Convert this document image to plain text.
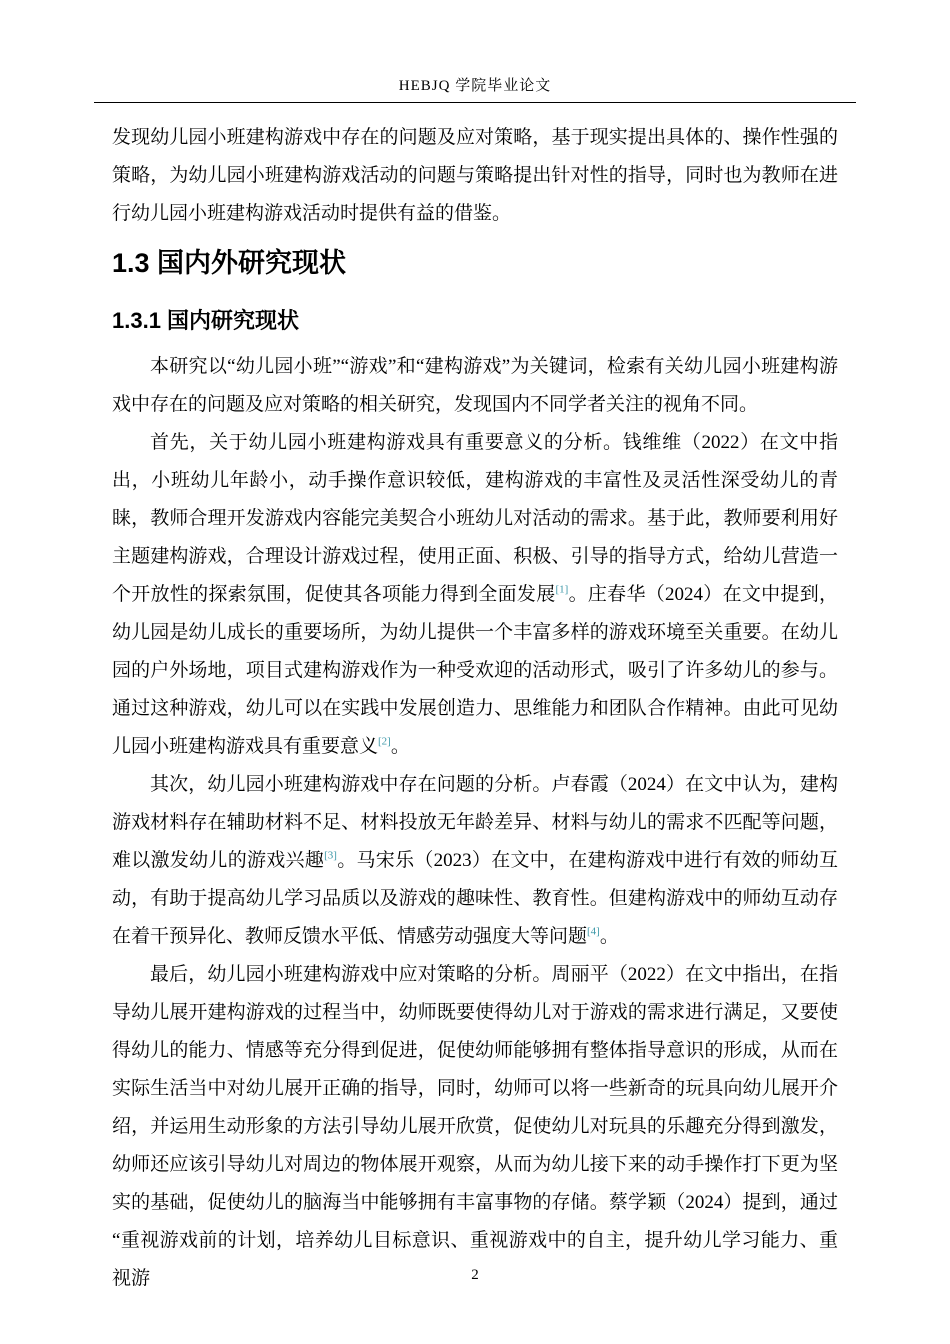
HEBJQ 学院毕业论文

发现幼儿园小班建构游戏中存在的问题及应对策略，基于现实提出具体的、操作性强的策略，为幼儿园小班建构游戏活动的问题与策略提出针对性的指导，同时也为教师在进行幼儿园小班建构游戏活动时提供有益的借鉴。

1.3 国内外研究现状
1.3.1 国内研究现状

本研究以“幼儿园小班”“游戏”和“建构游戏”为关键词，检索有关幼儿园小班建构游戏中存在的问题及应对策略的相关研究，发现国内不同学者关注的视角不同。

首先，关于幼儿园小班建构游戏具有重要意义的分析。钱维维（2022）在文中指出，小班幼儿年龄小，动手操作意识较低，建构游戏的丰富性及灵活性深受幼儿的青睐，教师合理开发游戏内容能完美契合小班幼儿对活动的需求。基于此，教师要利用好主题建构游戏，合理设计游戏过程，使用正面、积极、引导的指导方式，给幼儿营造一个开放性的探索氛围，促使其各项能力得到全面发展[1]。庄春华（2024）在文中提到，幼儿园是幼儿成长的重要场所，为幼儿提供一个丰富多样的游戏环境至关重要。在幼儿园的户外场地，项目式建构游戏作为一种受欢迎的活动形式，吸引了许多幼儿的参与。通过这种游戏，幼儿可以在实践中发展创造力、思维能力和团队合作精神。由此可见幼儿园小班建构游戏具有重要意义[2]。

其次，幼儿园小班建构游戏中存在问题的分析。卢春霞（2024）在文中认为，建构游戏材料存在辅助材料不足、材料投放无年龄差异、材料与幼儿的需求不匹配等问题，难以激发幼儿的游戏兴趣[3]。马宋乐（2023）在文中，在建构游戏中进行有效的师幼互动，有助于提高幼儿学习品质以及游戏的趣味性、教育性。但建构游戏中的师幼互动存在着干预异化、教师反馈水平低、情感劳动强度大等问题[4]。

最后，幼儿园小班建构游戏中应对策略的分析。周丽平（2022）在文中指出，在指导幼儿展开建构游戏的过程当中，幼师既要使得幼儿对于游戏的需求进行满足，又要使得幼儿的能力、情感等充分得到促进，促使幼师能够拥有整体指导意识的形成，从而在实际生活当中对幼儿展开正确的指导，同时，幼师可以将一些新奇的玩具向幼儿展开介绍，并运用生动形象的方法引导幼儿展开欣赏，促使幼儿对玩具的乐趣充分得到激发，幼师还应该引导幼儿对周边的物体展开观察，从而为幼儿接下来的动手操作打下更为坚实的基础，促使幼儿的脑海当中能够拥有丰富事物的存储。蔡学颖（2024）提到，通过“重视游戏前的计划，培养幼儿目标意识、重视游戏中的自主，提升幼儿学习能力、重视游	2
